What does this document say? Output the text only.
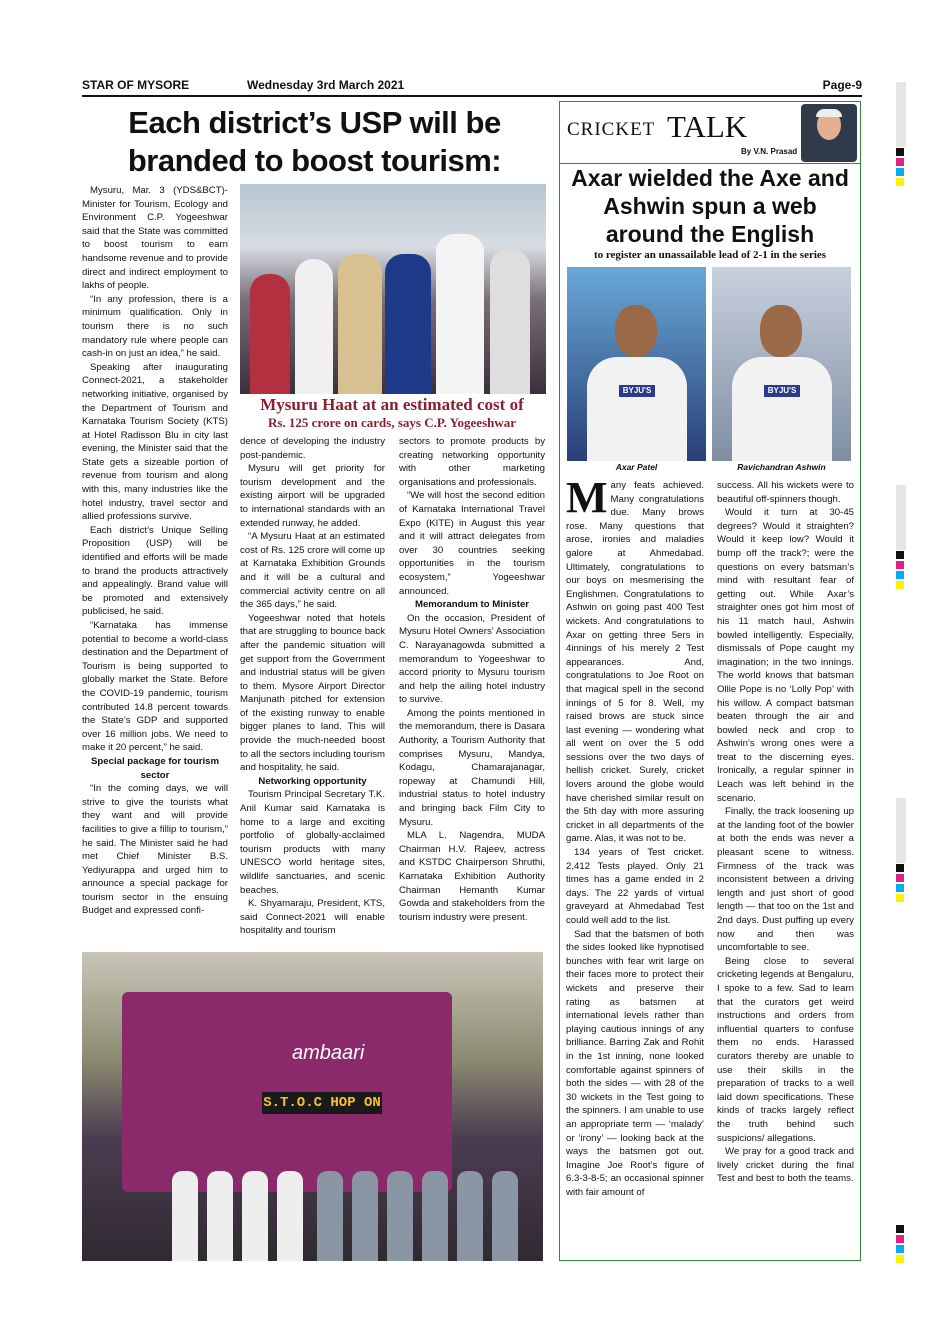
STAR OF MYSORE	Wednesday 3rd March 2021	Page-9
Each district’s USP will be branded to boost tourism:

Mysuru, Mar. 3 (YDS&BCT)- Minister for Tourism, Ecology and Environment C.P. Yogeeshwar said that the State was committed to boost tourism to earn handsome revenue and to provide direct and indirect employment to lakhs of people.

“In any profession, there is a minimum qualification. Only in tourism there is no such mandatory rule where people can cash-in on just an idea,” he said.

Speaking after inaugurating Connect-2021, a stakeholder networking initiative, organised by the Department of Tourism and Karnataka Tourism Society (KTS) at Hotel Radisson Blu in city last evening, the Minister said that the State gets a sizeable portion of revenue from tourism and along with this, many industries like the hotel industry, travel sector and allied professions survive.

Each district’s Unique Selling Proposition (USP) will be identified and efforts will be made to brand the products attractively and appealingly. Brand value will be promoted and extensively publicised, he said.

“Karnataka has immense potential to become a world-class destination and the Department of Tourism is being supported to globally market the State. Before the COVID-19 pandemic, tourism contributed 14.8 percent towards the State’s GDP and supported over 16 million jobs. We need to make it 20 percent,” he said.

Special package for tourism sector

“In the coming days, we will strive to give the tourists what they want and will provide facilities to give a fillip to tourism,” he said. The Minister said he had met Chief Minister B.S. Yediyurappa and urged him to announce a special package for tourism sector in the ensuing Budget and expressed confi-

Mysuru Haat at an estimated cost of
Rs. 125 crore on cards, says C.P. Yogeeshwar

dence of developing the industry post-pandemic.

Mysuru will get priority for tourism development and the existing airport will be upgraded to international standards with an extended runway, he added.

“A Mysuru Haat at an estimated cost of Rs. 125 crore will come up at Karnataka Exhibition Grounds and it will be a cultural and commercial activity centre on all the 365 days,” he said.

Yogeeshwar noted that hotels that are struggling to bounce back after the pandemic situation will get support from the Government and industrial status will be given to them. Mysore Airport Director Manjunath pitched for extension of the existing runway to enable bigger planes to land. This will provide the much-needed boost to all the sectors including tourism and hospitality, he said.

Networking opportunity

Tourism Principal Secretary T.K. Anil Kumar said Karnataka is home to a large and exciting portfolio of globally-acclaimed tourism products with many UNESCO world heritage sites, wildlife sanctuaries, and scenic beaches.

K. Shyamaraju, President, KTS, said Connect-2021 will enable hospitality and tourism

sectors to promote products by creating networking opportunity with other marketing organisations and professionals.

“We will host the second edition of Karnataka International Travel Expo (KITE) in August this year and it will attract delegates from over 30 countries seeking opportunities in the tourism ecosystem,” Yogeeshwar announced.

Memorandum to Minister

On the occasion, President of Mysuru Hotel Owners’ Association C. Narayanagowda submitted a memorandum to Yogeeshwar to accord priority to Mysuru tourism and help the ailing hotel industry to survive.

Among the points mentioned in the memorandum, there is Dasara Authority, a Tourism Authority that comprises Mysuru, Mandya, Kodagu, Chamarajanagar, ropeway at Chamundi Hill, industrial status to hotel industry and bringing back Film City to Mysuru.

MLA L. Nagendra, MUDA Chairman H.V. Rajeev, actress and KSTDC Chairperson Shruthi, Karnataka Exhibition Authority Chairman Hemanth Kumar Gowda and stakeholders from the tourism industry were present.

ambaari
S.T.O.C HOP ON
CRICKET TALK
By V.N. Prasad
Axar wielded the Axe and Ashwin spun a web around the English
to register an unassailable lead of 2-1 in the series
BYJU'S	BYJU'S
Axar Patel	Ravichandran Ashwin

Many feats achieved. Many congratulations due. Many brows rose. Many questions that arose, ironies and maladies galore at Ahmedabad. Ultimately, congratulations to our boys on mesmerising the Englishmen. Congratulations to Ashwin on going past 400 Test wickets. And congratulations to Axar on getting three 5ers in 4innings of his merely 2 Test appearances. And, congratulations to Joe Root on that magical spell in the second innings of 5 for 8. Well, my raised brows are stuck since last evening — wondering what all went on over the 5 odd sessions over the two days of hellish cricket. Surely, cricket lovers around the globe would have cherished similar result on the 5th day with more assuring cricket in all departments of the game. Alas, it was not to be.

134 years of Test cricket. 2,412 Tests played. Only 21 times has a game ended in 2 days. The 22 yards of virtual graveyard at Ahmedabad Test could well add to the list.

Sad that the batsmen of both the sides looked like hypnotised bunches with fear writ large on their faces more to protect their wickets and preserve their rating as batsmen at international levels rather than playing cautious innings of any brilliance. Barring Zak and Rohit in the 1st inning, none looked comfortable against spinners of both the sides — with 28 of the 30 wickets in the Test going to the spinners. I am unable to use an appropriate term — ‘malady’ or ‘irony’ — looking back at the ways the batsmen got out. Imagine Joe Root’s figure of 6.3-3-8-5; an occasional spinner with fair amount of

success. All his wickets were to beautiful off-spinners though.

Would it turn at 30-45 degrees? Would it straighten? Would it keep low? Would it bump off the track?; were the questions on every batsman’s mind with resultant fear of getting out. While Axar’s straighter ones got him most of his 11 match haul, Ashwin bowled intelligently. Especially, dismissals of Pope caught my imagination; in the two innings. The world knows that batsman Ollie Pope is no ‘Lolly Pop’ with his willow. A compact batsman beaten through the air and bowled neck and crop to Ashwin’s wrong ones were a treat to the discerning eyes. Ironically, a regular spinner in Leach was left behind in the scenario.

Finally, the track loosening up at the landing foot of the bowler at both the ends was never a pleasant scene to witness. Firmness of the track was inconsistent between a driving length and just short of good length — that too on the 1st and 2nd days. Dust puffing up every now and then was uncomfortable to see.

Being close to several cricketing legends at Bengaluru, I spoke to a few. Sad to learn that the curators get weird instructions and orders from influential quarters to confuse them no ends. Harassed curators thereby are unable to use their skills in the preparation of tracks to a well laid down specifications. These kinds of tracks largely reflect the truth behind such suspicions/ allegations.

We pray for a good track and lively cricket during the final Test and best to both the teams.
